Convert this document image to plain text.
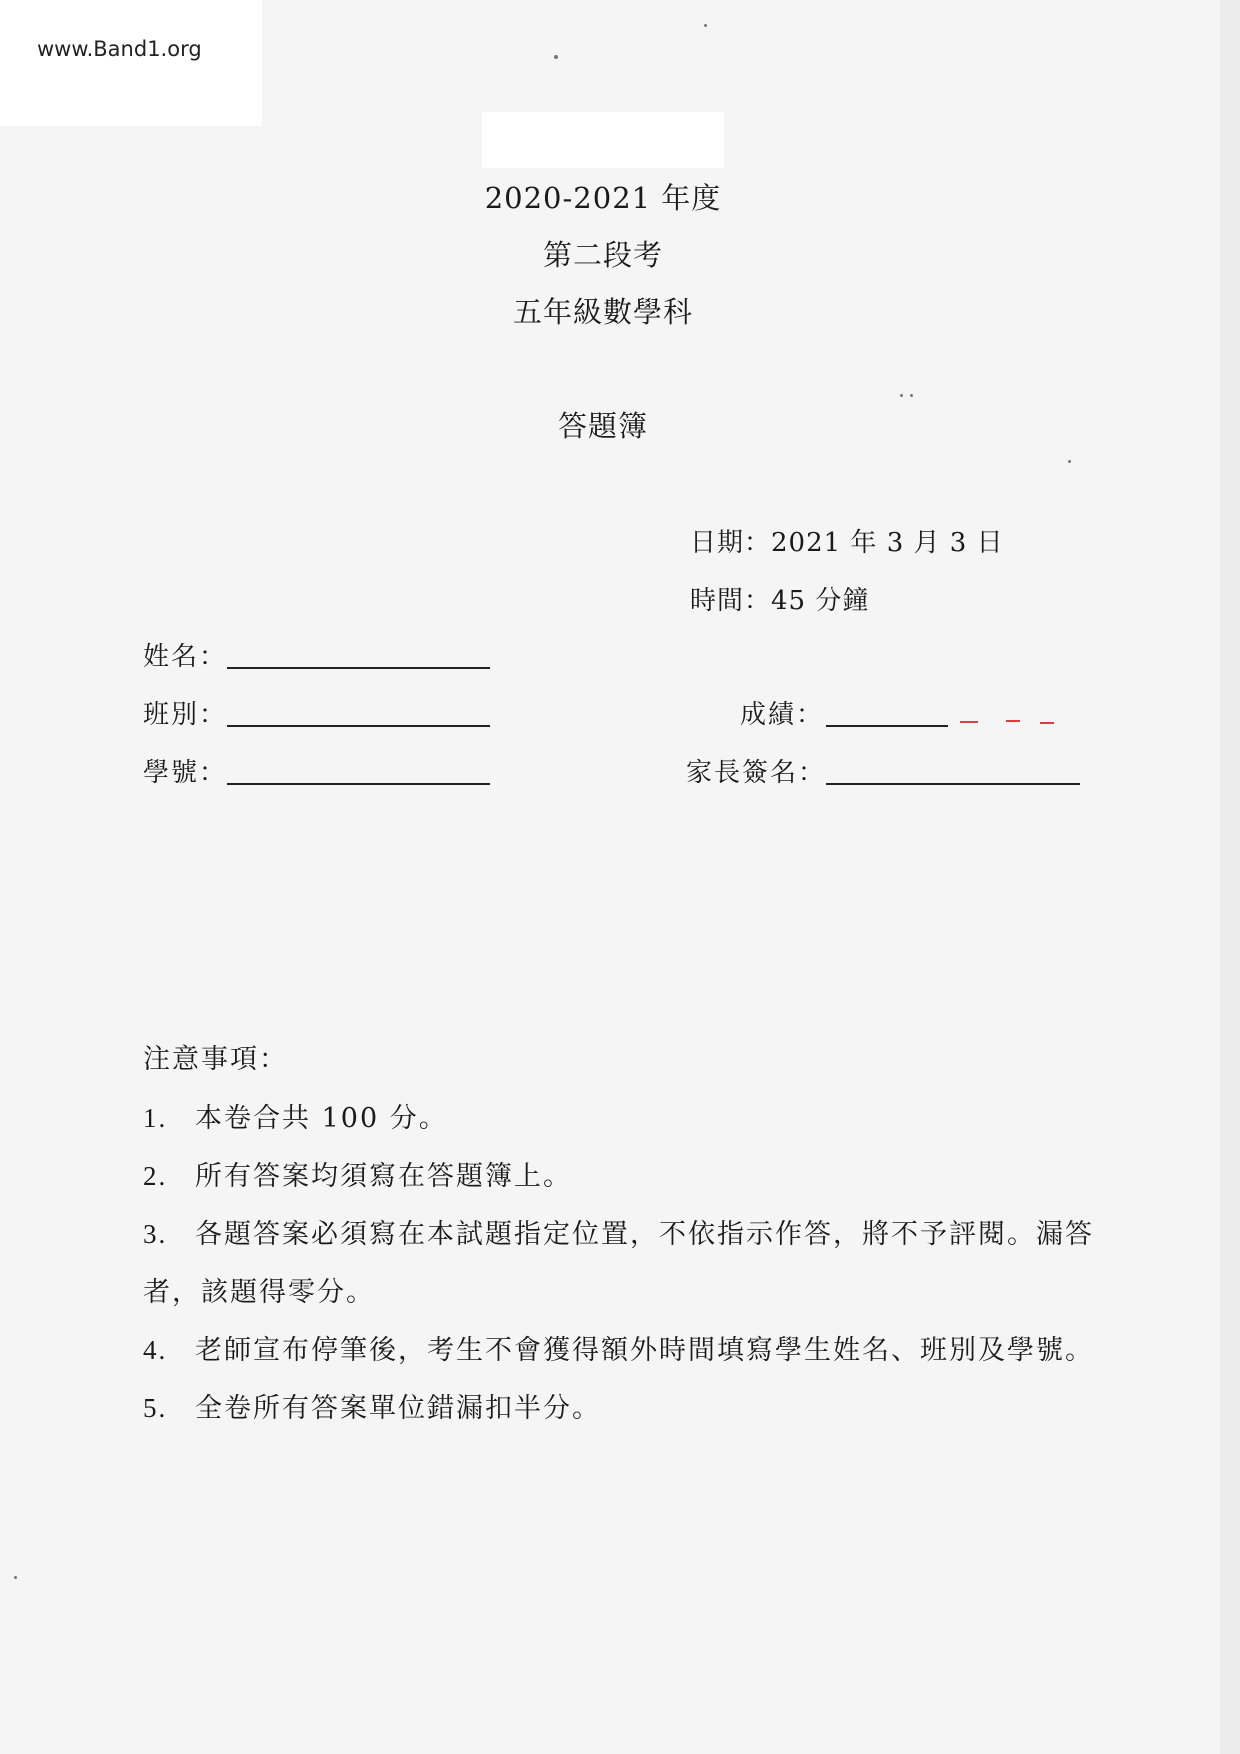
www.Band1.org
2020-2021 年度
第二段考
五年級數學科
答題簿
日期：2021 年 3 月 3 日
時間：45 分鐘
姓名：
班別：
學號：
成績：
家長簽名：
注意事項：
1. 本卷合共 100 分。
2. 所有答案均須寫在答題簿上。
3. 各題答案必須寫在本試題指定位置，不依指示作答，將不予評閱。漏答
者，該題得零分。
4. 老師宣布停筆後，考生不會獲得額外時間填寫學生姓名、班別及學號。
5. 全卷所有答案單位錯漏扣半分。
